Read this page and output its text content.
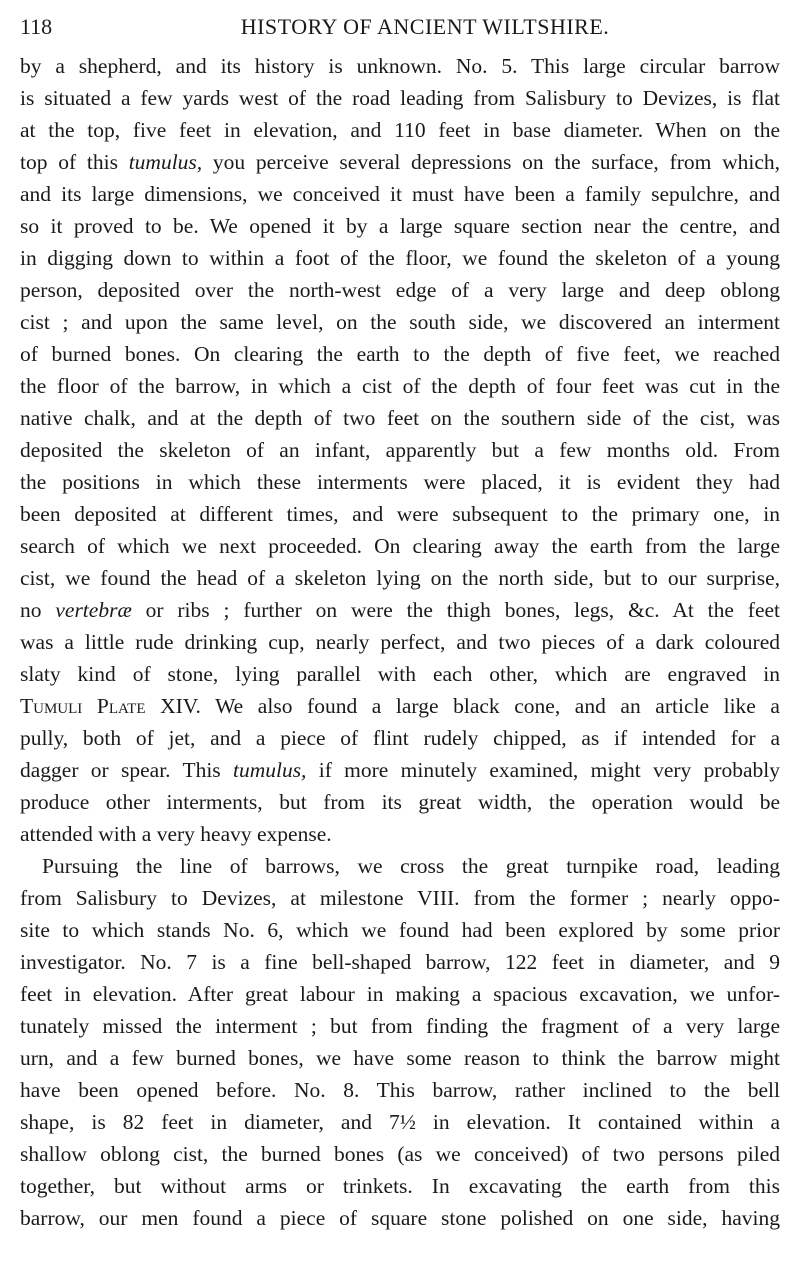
118	HISTORY OF ANCIENT WILTSHIRE.
by a shepherd, and its history is unknown. No. 5. This large circular barrow
is situated a few yards west of the road leading from Salisbury to Devizes, is flat
at the top, five feet in elevation, and 110 feet in base diameter. When on the
top of this tumulus, you perceive several depressions on the surface, from which,
and its large dimensions, we conceived it must have been a family sepulchre, and
so it proved to be. We opened it by a large square section near the centre, and
in digging down to within a foot of the floor, we found the skeleton of a young
person, deposited over the north-west edge of a very large and deep oblong
cist ; and upon the same level, on the south side, we discovered an interment
of burned bones. On clearing the earth to the depth of five feet, we reached
the floor of the barrow, in which a cist of the depth of four feet was cut in the
native chalk, and at the depth of two feet on the southern side of the cist, was
deposited the skeleton of an infant, apparently but a few months old. From
the positions in which these interments were placed, it is evident they had
been deposited at different times, and were subsequent to the primary one, in
search of which we next proceeded. On clearing away the earth from the large
cist, we found the head of a skeleton lying on the north side, but to our surprise,
no vertebræ or ribs ; further on were the thigh bones, legs, &c. At the feet
was a little rude drinking cup, nearly perfect, and two pieces of a dark coloured
slaty kind of stone, lying parallel with each other, which are engraved in
Tumuli Plate XIV. We also found a large black cone, and an article like a
pully, both of jet, and a piece of flint rudely chipped, as if intended for a
dagger or spear. This tumulus, if more minutely examined, might very probably
produce other interments, but from its great width, the operation would be
attended with a very heavy expense.
Pursuing the line of barrows, we cross the great turnpike road, leading
from Salisbury to Devizes, at milestone VIII. from the former ; nearly oppo-
site to which stands No. 6, which we found had been explored by some prior
investigator. No. 7 is a fine bell-shaped barrow, 122 feet in diameter, and 9
feet in elevation. After great labour in making a spacious excavation, we unfor-
tunately missed the interment ; but from finding the fragment of a very large
urn, and a few burned bones, we have some reason to think the barrow might
have been opened before. No. 8. This barrow, rather inclined to the bell
shape, is 82 feet in diameter, and 7½ in elevation. It contained within a
shallow oblong cist, the burned bones (as we conceived) of two persons piled
together, but without arms or trinkets. In excavating the earth from this
barrow, our men found a piece of square stone polished on one side, having
